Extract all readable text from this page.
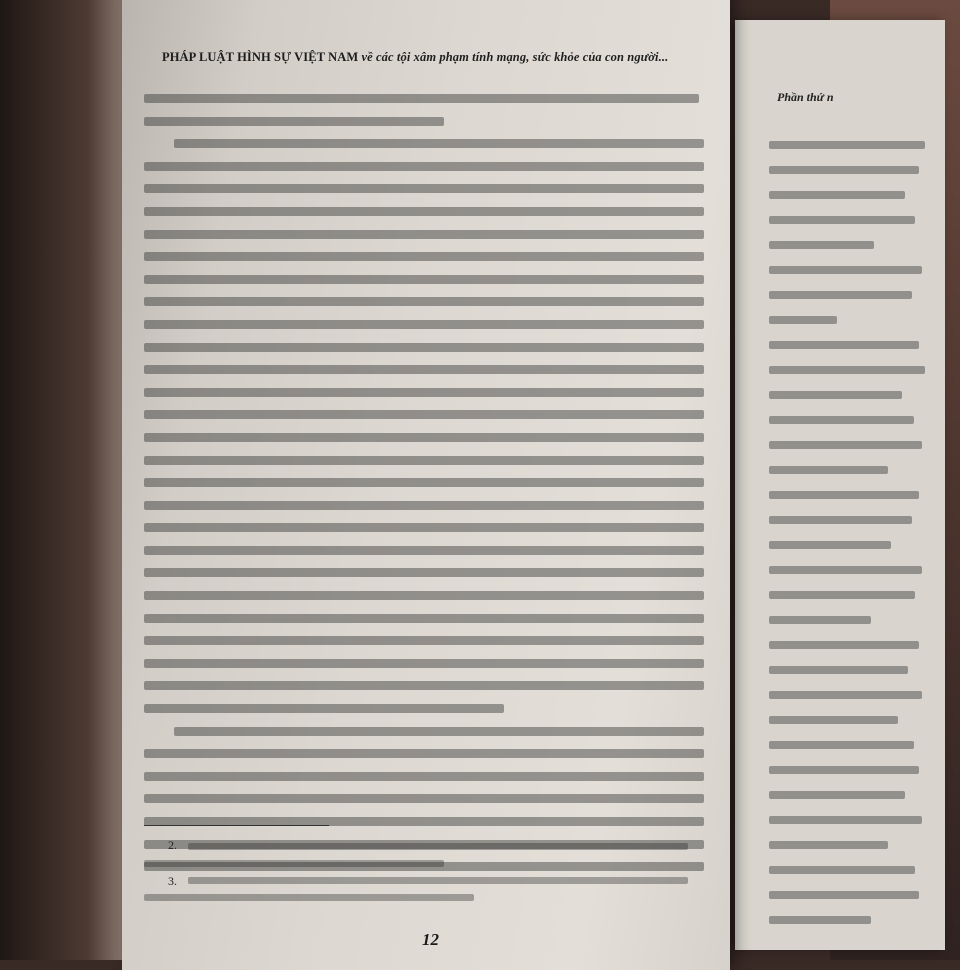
Phần thứ n
PHÁP LUẬT HÌNH SỰ VIỆT NAM về các tội xâm phạm tính mạng, sức khỏe của con người...
2.
3.
12
